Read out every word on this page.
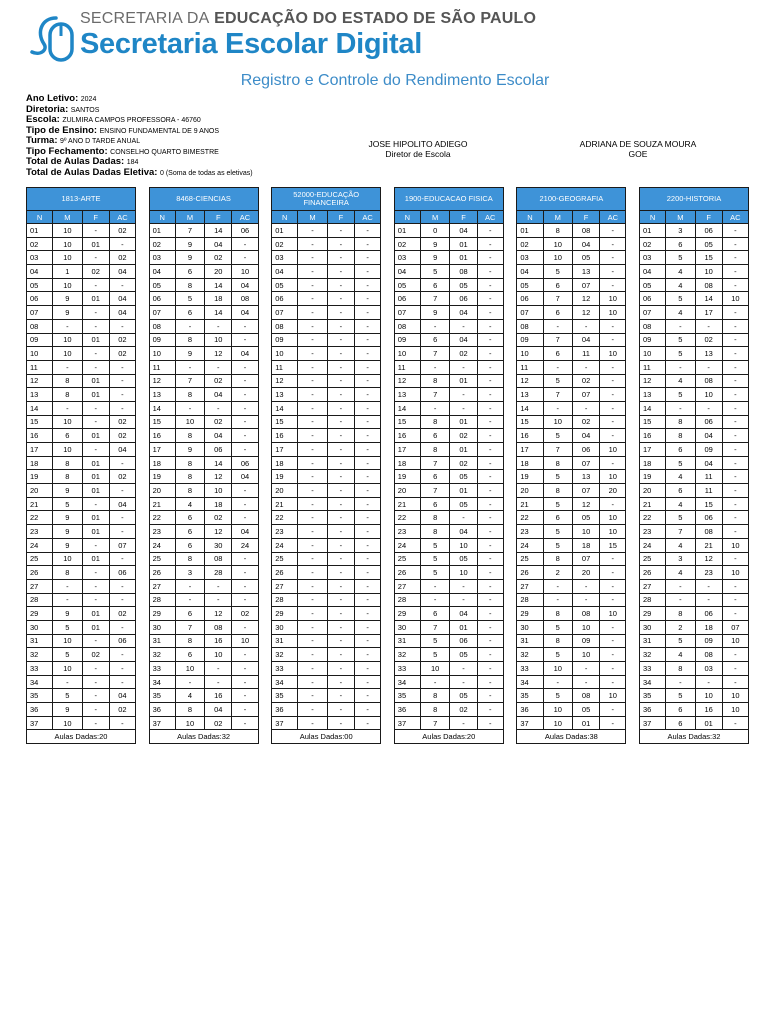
SECRETARIA DA EDUCAÇÃO DO ESTADO DE SÃO PAULO
Secretaria Escolar Digital
Registro e Controle do Rendimento Escolar
Ano Letivo: 2024
Diretoria: SANTOS
Escola: ZULMIRA CAMPOS PROFESSORA - 46760
Tipo de Ensino: ENSINO FUNDAMENTAL DE 9 ANOS
Turma: 9º ANO D TARDE ANUAL
Tipo Fechamento: CONSELHO QUARTO BIMESTRE
Total de Aulas Dadas: 184
Total de Aulas Dadas Eletiva: 0 (Soma de todas as eletivas)
JOSE HIPOLITO ADIEGO
Diretor de Escola
ADRIANA DE SOUZA MOURA
GOE
1813-ARTE			
N	M	F	AC
01	10	-	02
02	10	01	-
03	10	-	02
04	1	02	04
05	10	-	-
06	9	01	04
07	9	-	04
08	-	-	-
09	10	01	02
10	10	-	02
11	-	-	-
12	8	01	-
13	8	01	-
14	-	-	-
15	10	-	02
16	6	01	02
17	10	-	04
18	8	01	-
19	8	01	02
20	9	01	-
21	5	-	04
22	9	01	-
23	9	01	-
24	9	-	07
25	10	01	-
26	8	-	06
27	-	-	-
28	-	-	-
29	9	01	02
30	5	01	-
31	10	-	06
32	5	02	-
33	10	-	-
34	-	-	-
35	5	-	04
36	9	-	02
37	10	-	-
Aulas Dadas:20			
8468-CIENCIAS			
N	M	F	AC
01	7	14	06
02	9	04	-
03	9	02	-
04	6	20	10
05	8	14	04
06	5	18	08
07	6	14	04
08	-	-	-
09	8	10	-
10	9	12	04
11	-	-	-
12	7	02	-
13	8	04	-
14	-	-	-
15	10	02	-
16	8	04	-
17	9	06	-
18	8	14	06
19	8	12	04
20	8	10	-
21	4	18	-
22	6	02	-
23	6	12	04
24	6	30	24
25	8	08	-
26	3	28	-
27	-	-	-
28	-	-	-
29	6	12	02
30	7	08	-
31	8	16	10
32	6	10	-
33	10	-	-
34	-	-	-
35	4	16	-
36	8	04	-
37	10	02	-
Aulas Dadas:32			
52000-EDUCAÇÃO FINANCEIRA			
N	M	F	AC
01	-	-	-
02	-	-	-
03	-	-	-
04	-	-	-
05	-	-	-
06	-	-	-
07	-	-	-
08	-	-	-
09	-	-	-
10	-	-	-
11	-	-	-
12	-	-	-
13	-	-	-
14	-	-	-
15	-	-	-
16	-	-	-
17	-	-	-
18	-	-	-
19	-	-	-
20	-	-	-
21	-	-	-
22	-	-	-
23	-	-	-
24	-	-	-
25	-	-	-
26	-	-	-
27	-	-	-
28	-	-	-
29	-	-	-
30	-	-	-
31	-	-	-
32	-	-	-
33	-	-	-
34	-	-	-
35	-	-	-
36	-	-	-
37	-	-	-
Aulas Dadas:00			
1900-EDUCACAO FISICA			
N	M	F	AC
01	0	04	-
02	9	01	-
03	9	01	-
04	5	08	-
05	6	05	-
06	7	06	-
07	9	04	-
08	-	-	-
09	6	04	-
10	7	02	-
11	-	-	-
12	8	01	-
13	7	-	-
14	-	-	-
15	8	01	-
16	6	02	-
17	8	01	-
18	7	02	-
19	6	05	-
20	7	01	-
21	6	05	-
22	8	-	-
23	8	04	-
24	5	10	-
25	5	05	-
26	5	10	-
27	-	-	-
28	-	-	-
29	6	04	-
30	7	01	-
31	5	06	-
32	5	05	-
33	10	-	-
34	-	-	-
35	8	05	-
36	8	02	-
37	7	-	-
Aulas Dadas:20			
2100-GEOGRAFIA			
N	M	F	AC
01	8	08	-
02	10	04	-
03	10	05	-
04	5	13	-
05	6	07	-
06	7	12	10
07	6	12	10
08	-	-	-
09	7	04	-
10	6	11	10
11	-	-	-
12	5	02	-
13	7	07	-
14	-	-	-
15	10	02	-
16	5	04	-
17	7	06	10
18	8	07	-
19	5	13	10
20	8	07	20
21	5	12	-
22	6	05	10
23	5	10	10
24	5	18	15
25	8	07	-
26	2	20	-
27	-	-	-
28	-	-	-
29	8	08	10
30	5	10	-
31	8	09	-
32	5	10	-
33	10	-	-
34	-	-	-
35	5	08	10
36	10	05	-
37	10	01	-
Aulas Dadas:38			
2200-HISTORIA			
N	M	F	AC
01	3	06	-
02	6	05	-
03	5	15	-
04	4	10	-
05	4	08	-
06	5	14	10
07	4	17	-
08	-	-	-
09	5	02	-
10	5	13	-
11	-	-	-
12	4	08	-
13	5	10	-
14	-	-	-
15	8	06	-
16	8	04	-
17	6	09	-
18	5	04	-
19	4	11	-
20	6	11	-
21	4	15	-
22	5	06	-
23	7	08	-
24	4	21	10
25	3	12	-
26	4	23	10
27	-	-	-
28	-	-	-
29	8	06	-
30	2	18	07
31	5	09	10
32	4	08	-
33	8	03	-
34	-	-	-
35	5	10	10
36	6	16	10
37	6	01	-
Aulas Dadas:32			
